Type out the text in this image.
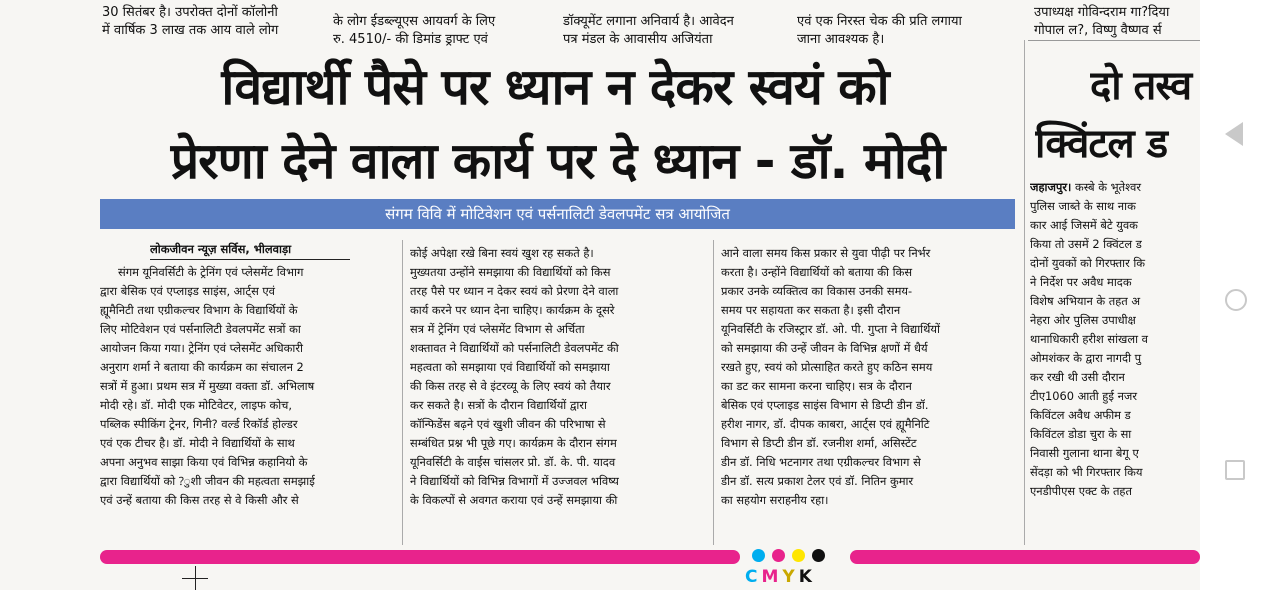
30 सितंबर है। उपरोक्त दोनों कॉलोनी
में वार्षिक 3 लाख तक आय वाले लोग
के लोग ईडब्ल्यूएस आयवर्ग के लिए
रु. 4510/- की डिमांड ड्राफ्ट एवं
डॉक्यूमेंट लगाना अनिवार्य है। आवेदन
पत्र मंडल के आवासीय अजियंता
एवं एक निरस्त चेक की प्रति लगाया
जाना आवश्यक है।
उपाध्यक्ष गोविन्दराम गा?दिया
गोपाल ल?, विष्णु वैष्णव र्स
विद्यार्थी पैसे पर ध्यान न देकर स्वयं को
प्रेरणा देने वाला कार्य पर दे ध्यान - डॉ. मोदी
संगम विवि में मोटिवेशन एवं पर्सनालिटी डेवलपमेंट सत्र आयोजित
लोकजीवन न्यूज़ सर्विस, भीलवाड़ा
संगम यूनिवर्सिटी के ट्रेनिंग एवं प्लेसमेंट विभाग
द्वारा बेसिक एवं एप्लाइड साइंस, आर्ट्स एवं
ह्यूमैनिटी तथा एग्रीकल्चर विभाग के विद्यार्थियों के
लिए मोटिवेशन एवं पर्सनालिटी डेवलपमेंट सत्रों का
आयोजन किया गया। ट्रेनिंग एवं प्लेसमेंट अधिकारी
अनुराग शर्मा ने बताया की कार्यक्रम का संचालन 2
सत्रों में हुआ। प्रथम सत्र में मुख्या वक्ता डॉ. अभिलाष
मोदी रहे। डॉ. मोदी एक मोटिवेटर, लाइफ कोच,
पब्लिक स्पीकिंग ट्रेनर, गिनी? वर्ल्ड रिकॉर्ड होल्डर
एवं एक टीचर है। डॉ. मोदी ने विद्यार्थियों के साथ
अपना अनुभव साझा किया एवं विभिन्न कहानियो के
द्वारा विद्यार्थियों को ?ुशी जीवन की महत्वता समझाई
एवं उन्हें बताया की किस तरह से वे किसी और से
कोई अपेक्षा रखे बिना स्वयं खुश रह सकते है।
मुख्यतया उन्होंने समझाया की विद्यार्थियों को किस
तरह पैसे पर ध्यान न देकर स्वयं को प्रेरणा देने वाला
कार्य करने पर ध्यान देना चाहिए। कार्यक्रम के दूसरे
सत्र में ट्रेनिंग एवं प्लेसमेंट विभाग से अर्चिता
शक्तावत ने विद्यार्थियों को पर्सनालिटी डेवलपमेंट की
महत्वता को समझाया एवं विद्यार्थियों को समझाया
की किस तरह से वे इंटरव्यू के लिए स्वयं को तैयार
कर सकते है। सत्रों के दौरान विद्यार्थियों द्वारा
कॉन्फिडेंस बढ़ने एवं खुशी जीवन की परिभाषा से
सम्बंधित प्रश्न भी पूछे गए। कार्यक्रम के दौरान संगम
यूनिवर्सिटी के वाईस चांसलर प्रो. डॉ. के. पी. यादव
ने विद्यार्थियों को विभिन्न विभागों में उज्जवल भविष्य
के विकल्पों से अवगत कराया एवं उन्हें समझाया की
आने वाला समय किस प्रकार से युवा पीढ़ी पर निर्भर
करता है। उन्होंने विद्यार्थियों को बताया की किस
प्रकार उनके व्यक्तित्व का विकास उनकी समय-
समय पर सहायता कर सकता है। इसी दौरान
यूनिवर्सिटी के रजिस्ट्रार डॉ. ओ. पी. गुप्ता ने विद्यार्थियों
को समझाया की उन्हें जीवन के विभिन्न क्षणों में धैर्य
रखते हुए, स्वयं को प्रोत्साहित करते हुए कठिन समय
का डट कर सामना करना चाहिए। सत्र के दौरान
बेसिक एवं एप्लाइड साइंस विभाग से डिप्टी डीन डॉ.
हरीश नागर, डॉ. दीपक काबरा, आर्ट्स एवं ह्यूमैनिटि
विभाग से डिप्टी डीन डॉ. रजनीश शर्मा, असिस्टेंट
डीन डॉ. निधि भटनागर तथा एग्रीकल्चर विभाग से
डीन डॉ. सत्य प्रकाश टेलर एवं डॉ. नितिन कुमार
का सहयोग सराहनीय रहा।
दो तस्व
क्विंटल ड
जहाजपुर। कस्बे के भूतेश्वर
पुलिस जाब्ते के साथ नाक
कार आई जिसमें बेटे युवक
किया तो उसमें 2 क्विंटल ड
दोनों युवकों को गिरफ्तार कि
ने निर्देश पर अवैध मादक
विशेष अभियान के तहत अ
नेहरा ओर पुलिस उपाधीक्ष
थानाधिकारी हरीश सांखला व
ओमशंकर के द्वारा नागदी पु
कर रखी थी उसी दौरान
टीए1060 आती हुई नजर
किविंटल अवैध अफीम ड
किविंटल डोडा चुरा के सा
निवासी गुलाना थाना बेगू ए
सेंदड़ा को भी गिरफ्तार किय
एनडीपीएस एक्ट के तहत
CMYK
